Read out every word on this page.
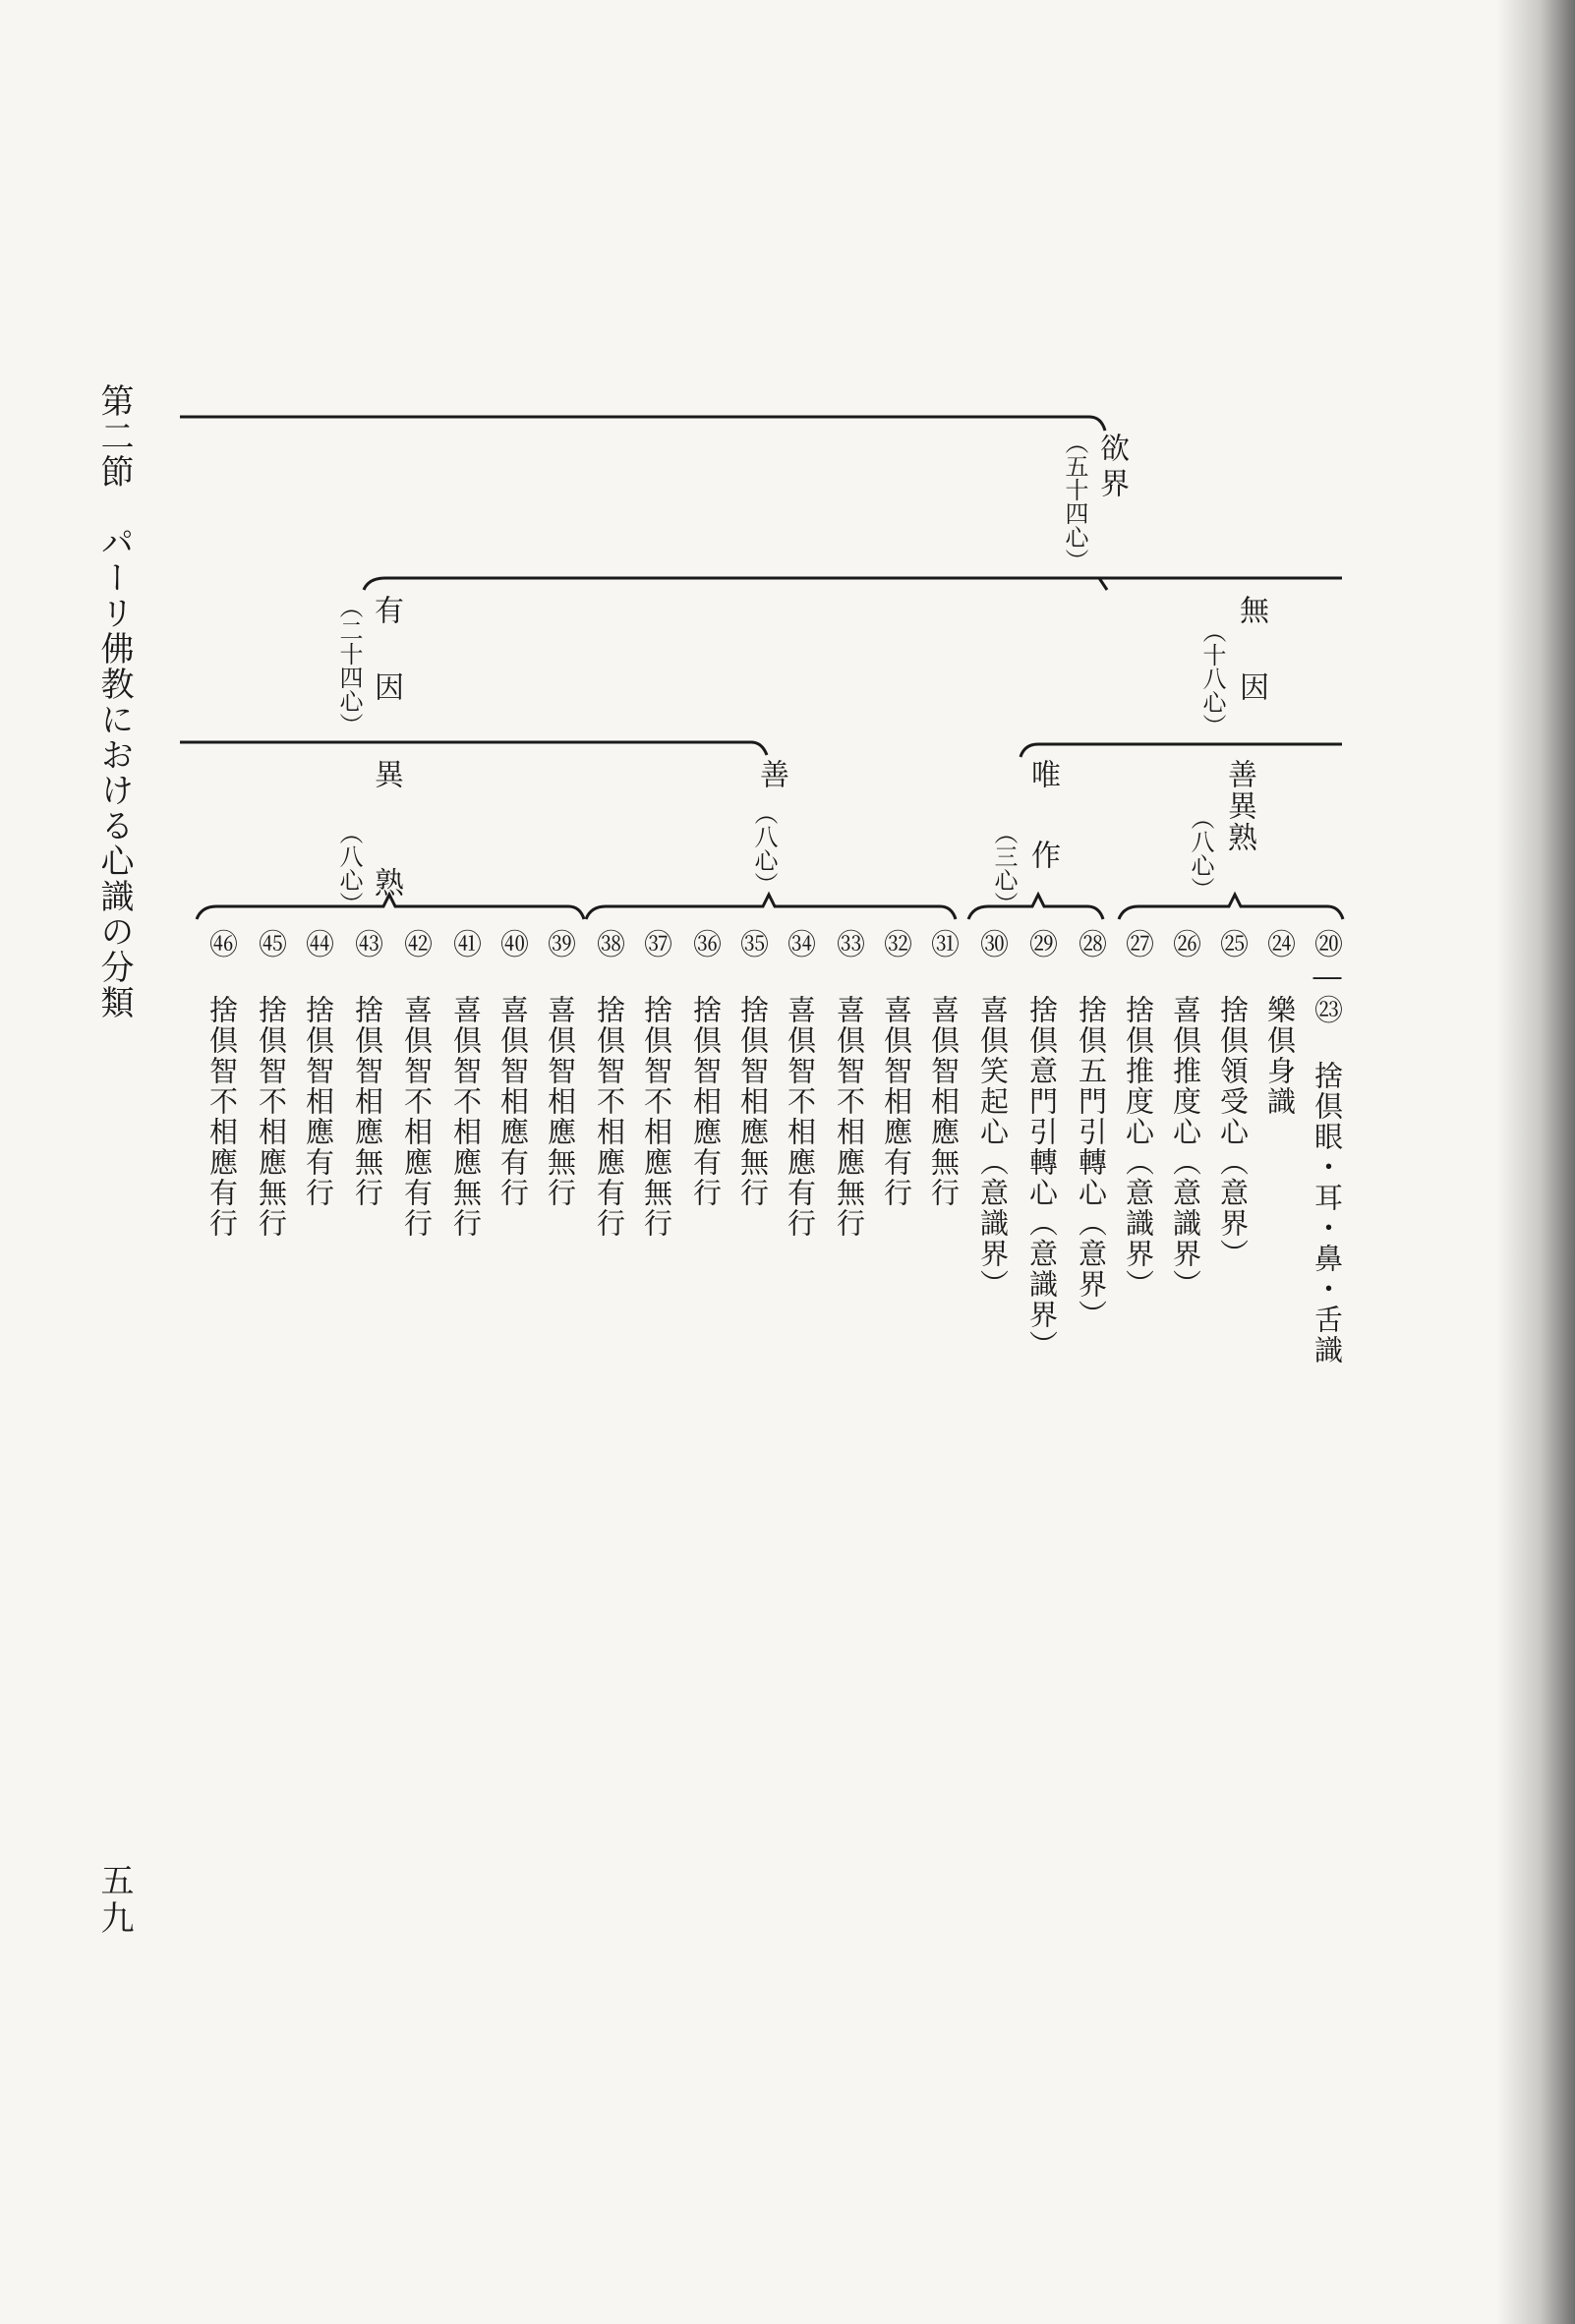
第二節　パーリ佛教における心識の分類
五九
欲界
（五十四心）
有因
（二十四心）	無因
（十八心）
善異熟
（八心）
唯作
（三心）
善
（八心）
異熟
（八心）
⑳―㉓ 捨倶眼・耳・鼻・舌識
㉔ 樂倶身識
㉕ 捨倶領受心（意界）
㉖ 喜倶推度心（意識界）
㉗ 捨倶推度心（意識界）
㉘ 捨倶五門引轉心（意界）
㉙ 捨倶意門引轉心（意識界）
㉚ 喜倶笑起心（意識界）
㉛ 喜倶智相應無行
㉜ 喜倶智相應有行
㉝ 喜倶智不相應無行
㉞ 喜倶智不相應有行
㉟ 捨倶智相應無行
㊱ 捨倶智相應有行
㊲ 捨倶智不相應無行
㊳ 捨倶智不相應有行
㊴ 喜倶智相應無行
㊵ 喜倶智相應有行
㊶ 喜倶智不相應無行
㊷ 喜倶智不相應有行
㊸ 捨倶智相應無行
㊹ 捨倶智相應有行
㊺ 捨倶智不相應無行
㊻ 捨倶智不相應有行
